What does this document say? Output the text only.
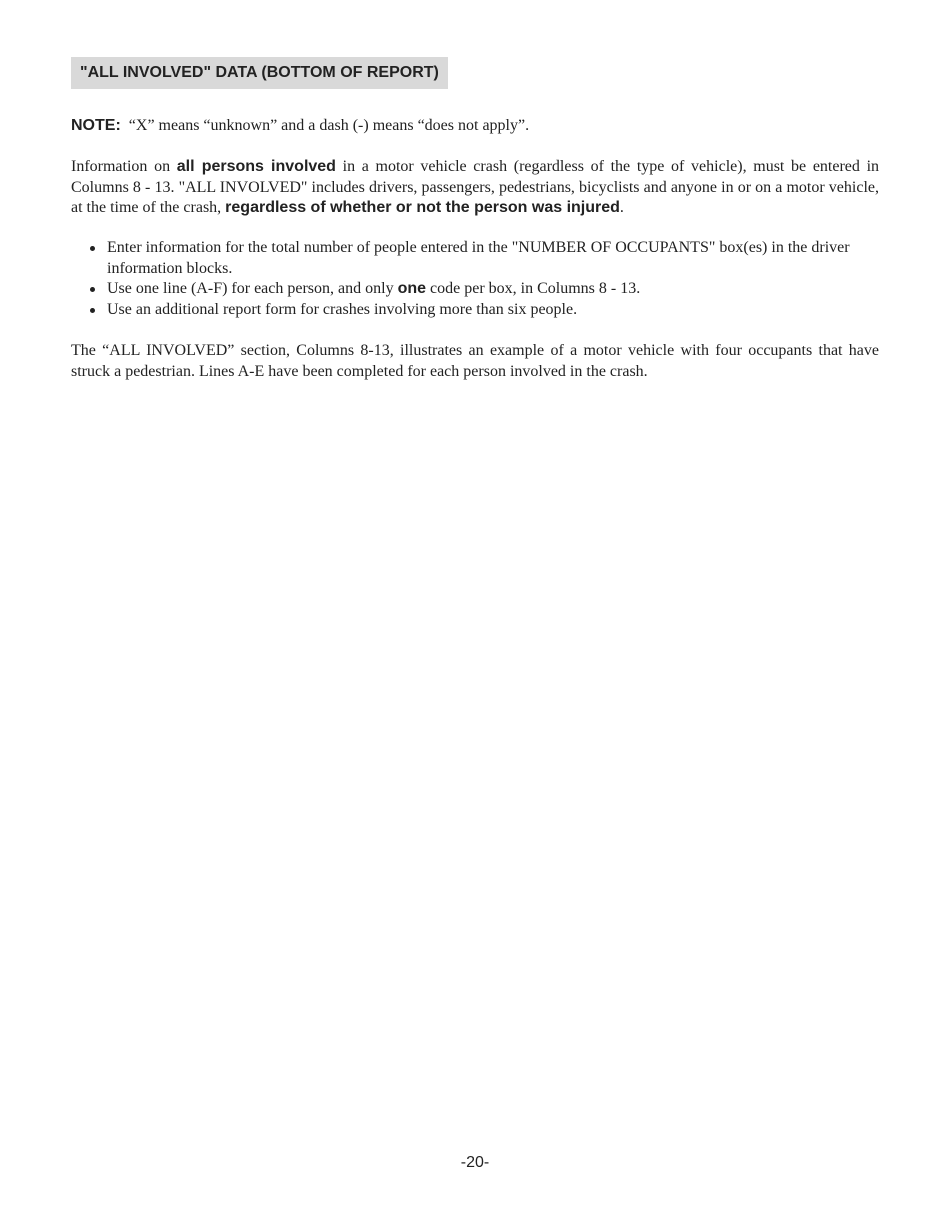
"ALL INVOLVED" DATA (BOTTOM OF REPORT)

NOTE: “X” means “unknown” and a dash (-) means “does not apply”.

Information on all persons involved in a motor vehicle crash (regardless of the type of vehicle), must be entered in Columns 8 - 13. "ALL INVOLVED" includes drivers, passengers, pedestrians, bicyclists and anyone in or on a motor vehicle, at the time of the crash, regardless of whether or not the person was injured.

Enter information for the total number of people entered in the "NUMBER OF OCCUPANTS" box(es) in the driver information blocks.
Use one line (A-F) for each person, and only one code per box, in Columns 8 - 13.
Use an additional report form for crashes involving more than six people.

The “ALL INVOLVED” section, Columns 8-13, illustrates an example of a motor vehicle with four occupants that have struck a pedestrian. Lines A-E have been completed for each person involved in the crash.

-20-
